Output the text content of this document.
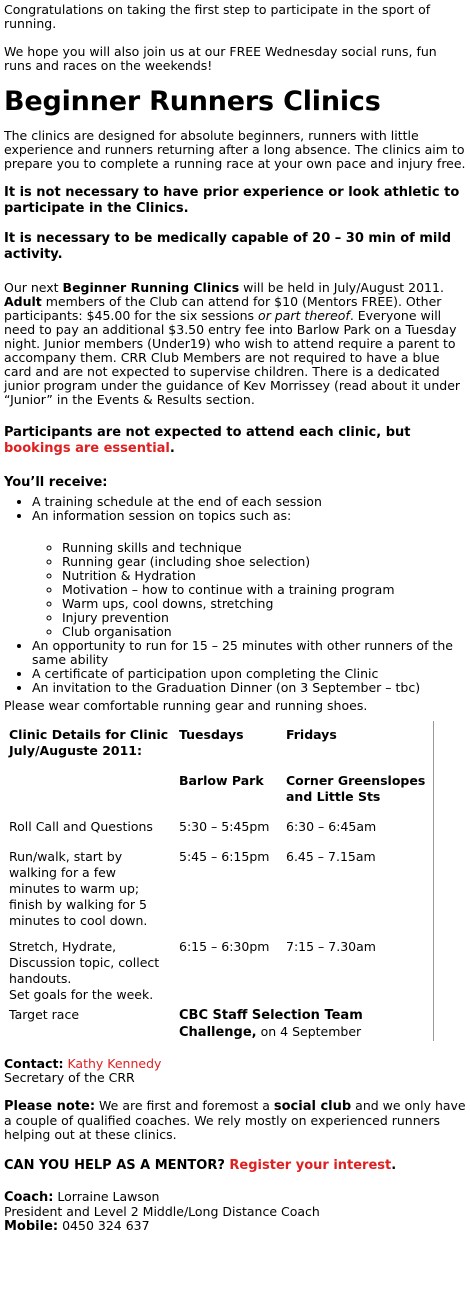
Congratulations on taking the first step to participate in the sport of running.

We hope you will also join us at our FREE Wednesday social runs, fun runs and races on the weekends!

Beginner Runners Clinics

The clinics are designed for absolute beginners, runners with little experience and runners returning after a long absence. The clinics aim to prepare you to complete a running race at your own pace and injury free.

It is not necessary to have prior experience or look athletic to participate in the Clinics.

It is necessary to be medically capable of 20 – 30 min of mild activity.

Our next Beginner Running Clinics will be held in July/August 2011. Adult members of the Club can attend for $10 (Mentors FREE). Other participants: $45.00 for the six sessions or part thereof. Everyone will need to pay an additional $3.50 entry fee into Barlow Park on a Tuesday night. Junior members (Under19) who wish to attend require a parent to accompany them. CRR Club Members are not required to have a blue card and are not expected to supervise children. There is a dedicated junior program under the guidance of Kev Morrissey (read about it under “Junior” in the Events & Results section.

Participants are not expected to attend each clinic, but bookings are essential.

You’ll receive:

• A training schedule at the end of each session
• An information session on topics such as:
◦ Running skills and technique
◦ Running gear (including shoe selection)
◦ Nutrition & Hydration
◦ Motivation – how to continue with a training program
◦ Warm ups, cool downs, stretching
◦ Injury prevention
◦ Club organisation
• An opportunity to run for 15 – 25 minutes with other runners of the same ability
• A certificate of participation upon completing the Clinic
• An invitation to the Graduation Dinner (on 3 September – tbc)

Please wear comfortable running gear and running shoes.

Clinic Details for Clinic July/Auguste 2011:	Tuesdays	Fridays

	Barlow Park	Corner Greenslopes and Little Sts

Roll Call and Questions	5:30 – 5:45pm	6:30 – 6:45am

Run/walk, start by walking for a few minutes to warm up; finish by walking for 5 minutes to cool down.	5:45 – 6:15pm	6.45 – 7.15am

Stretch, Hydrate, Discussion topic, collect handouts.
Set goals for the week.	6:15 – 6:30pm	7:15 – 7.30am

Target race	CBC Staff Selection Team Challenge, on 4 September	

Contact: Kathy Kennedy
Secretary of the CRR

Please note: We are first and foremost a social club and we only have a couple of qualified coaches. We rely mostly on experienced runners helping out at these clinics.

CAN YOU HELP AS A MENTOR? Register your interest.

Coach: Lorraine Lawson
President and Level 2 Middle/Long Distance Coach
Mobile: 0450 324 637
